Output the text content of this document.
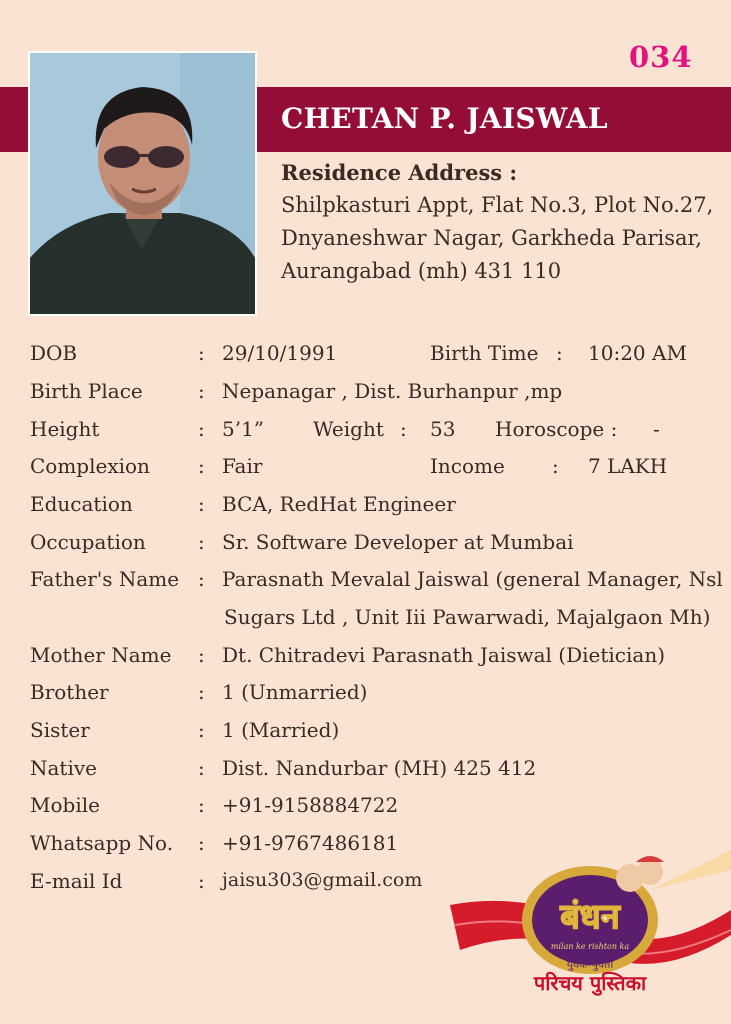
034
CHETAN P. JAISWAL
Residence Address :
Shilpkasturi Appt, Flat No.3, Plot No.27,
Dnyaneshwar Nagar, Garkheda Parisar,
Aurangabad (mh) 431 110
DOB	: 29/10/1991	Birth Time : 10:20 AM
Birth Place	: Nepanagar , Dist. Burhanpur ,mp
Height	: 5’1” Weight : 53 Horoscope : -
Complexion : Fair	Income : 7 LAKH
Education	: BCA, RedHat Engineer
Occupation	: Sr. Software Developer at Mumbai
Father's Name : Parasnath Mevalal Jaiswal (general Manager, Nsl
Sugars Ltd , Unit Iii Pawarwadi, Majalgaon Mh)
Mother Name : Dt. Chitradevi Parasnath Jaiswal (Dietician)
Brother	: 1 (Unmarried)
Sister	: 1 (Married)
Native	: Dist. Nandurbar (MH) 425 412
Mobile	: +91-9158884722
Whatsapp No. : +91-9767486181
E-mail Id	: jaisu303@gmail.com
बंधन
milan ke rishton ka
युवक-युवती
परिचय पुस्तिका
